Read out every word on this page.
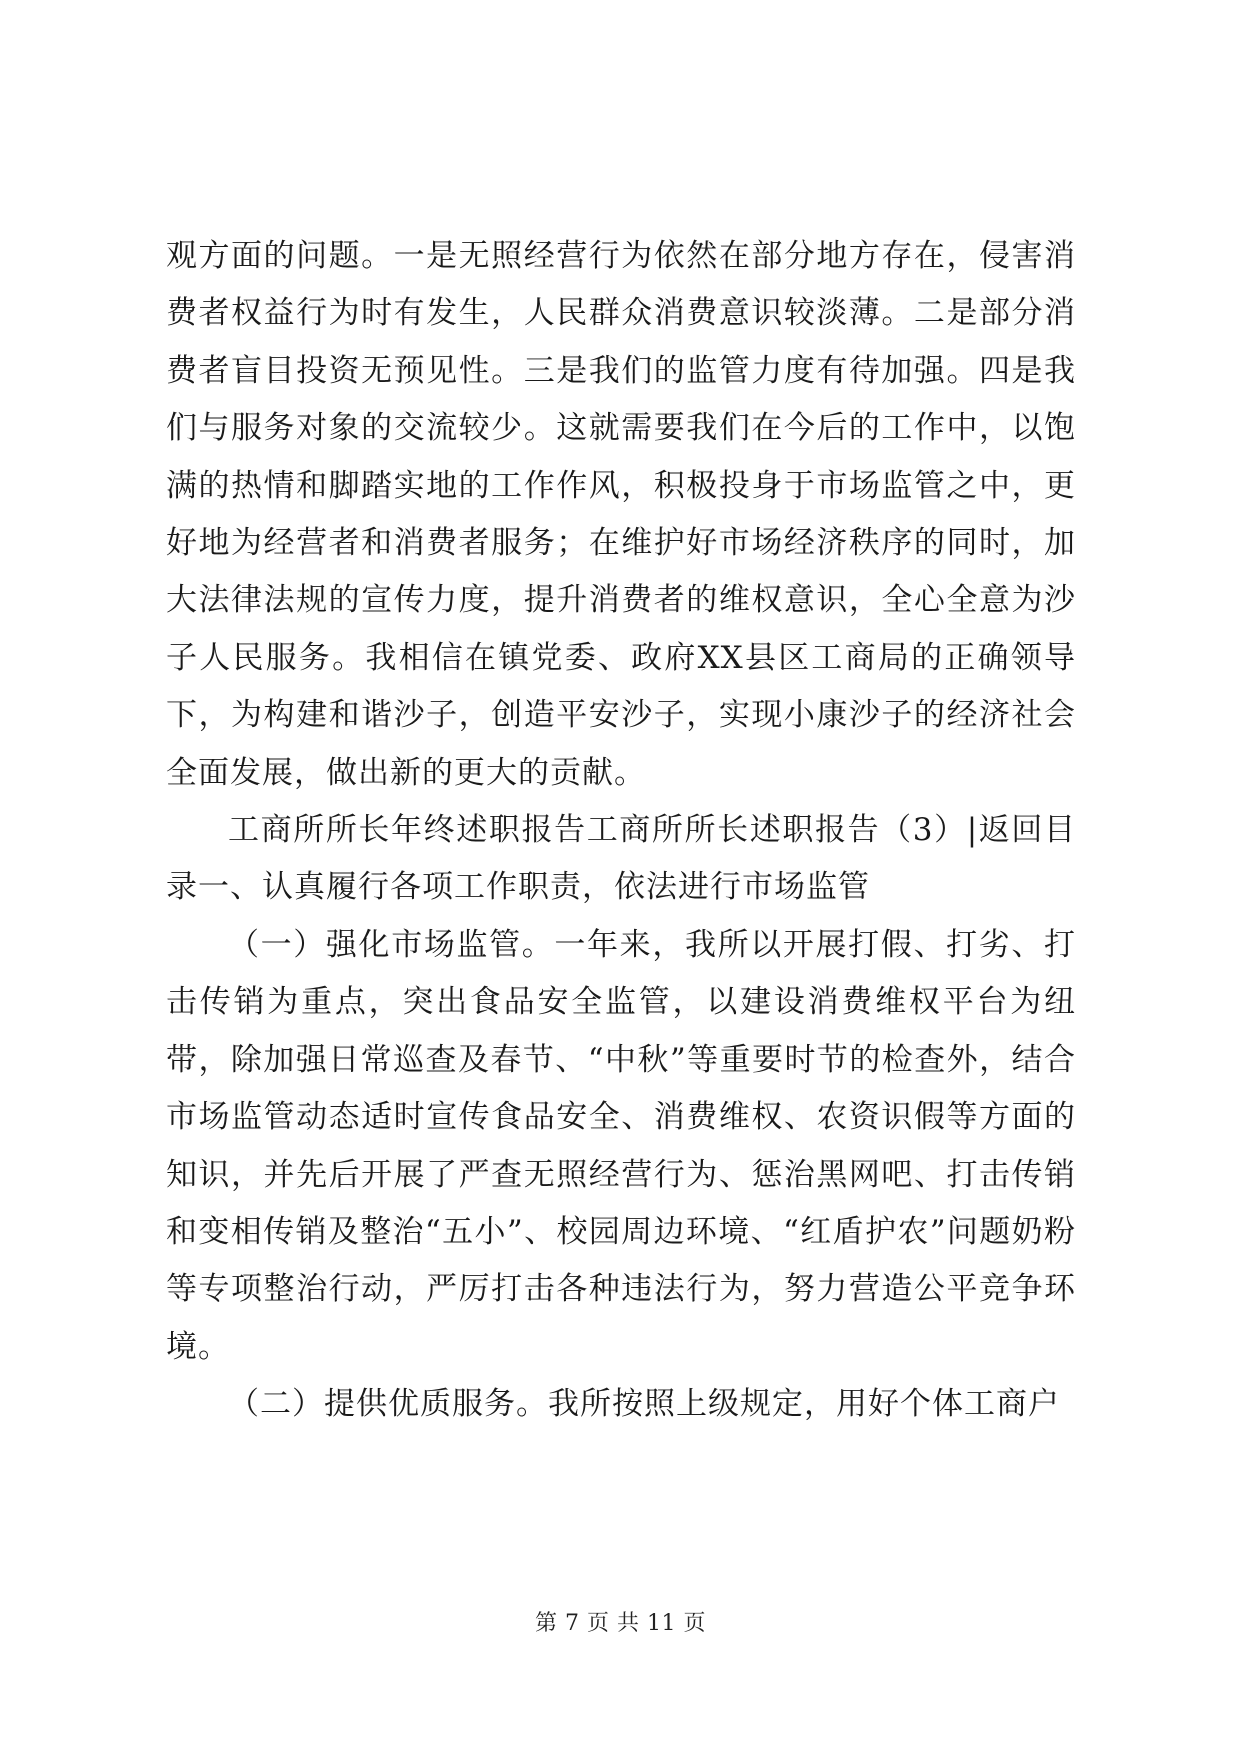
观方面的问题。一是无照经营行为依然在部分地方存在，侵害消费者权益行为时有发生，人民群众消费意识较淡薄。二是部分消费者盲目投资无预见性。三是我们的监管力度有待加强。四是我们与服务对象的交流较少。这就需要我们在今后的工作中，以饱满的热情和脚踏实地的工作作风，积极投身于市场监管之中，更好地为经营者和消费者服务；在维护好市场经济秩序的同时，加大法律法规的宣传力度，提升消费者的维权意识，全心全意为沙子人民服务。我相信在镇党委、政府XX县区工商局的正确领导下，为构建和谐沙子，创造平安沙子，实现小康沙子的经济社会全面发展，做出新的更大的贡献。

工商所所长年终述职报告工商所所长述职报告（3）|返回目录一、认真履行各项工作职责，依法进行市场监管

（一）强化市场监管。一年来，我所以开展打假、打劣、打击传销为重点，突出食品安全监管，以建设消费维权平台为纽带，除加强日常巡查及春节、“中秋”等重要时节的检查外，结合市场监管动态适时宣传食品安全、消费维权、农资识假等方面的知识，并先后开展了严查无照经营行为、惩治黑网吧、打击传销和变相传销及整治“五小”、校园周边环境、“红盾护农”问题奶粉等专项整治行动，严厉打击各种违法行为，努力营造公平竞争环境。

（二）提供优质服务。我所按照上级规定，用好个体工商户

第 7 页 共 11 页
